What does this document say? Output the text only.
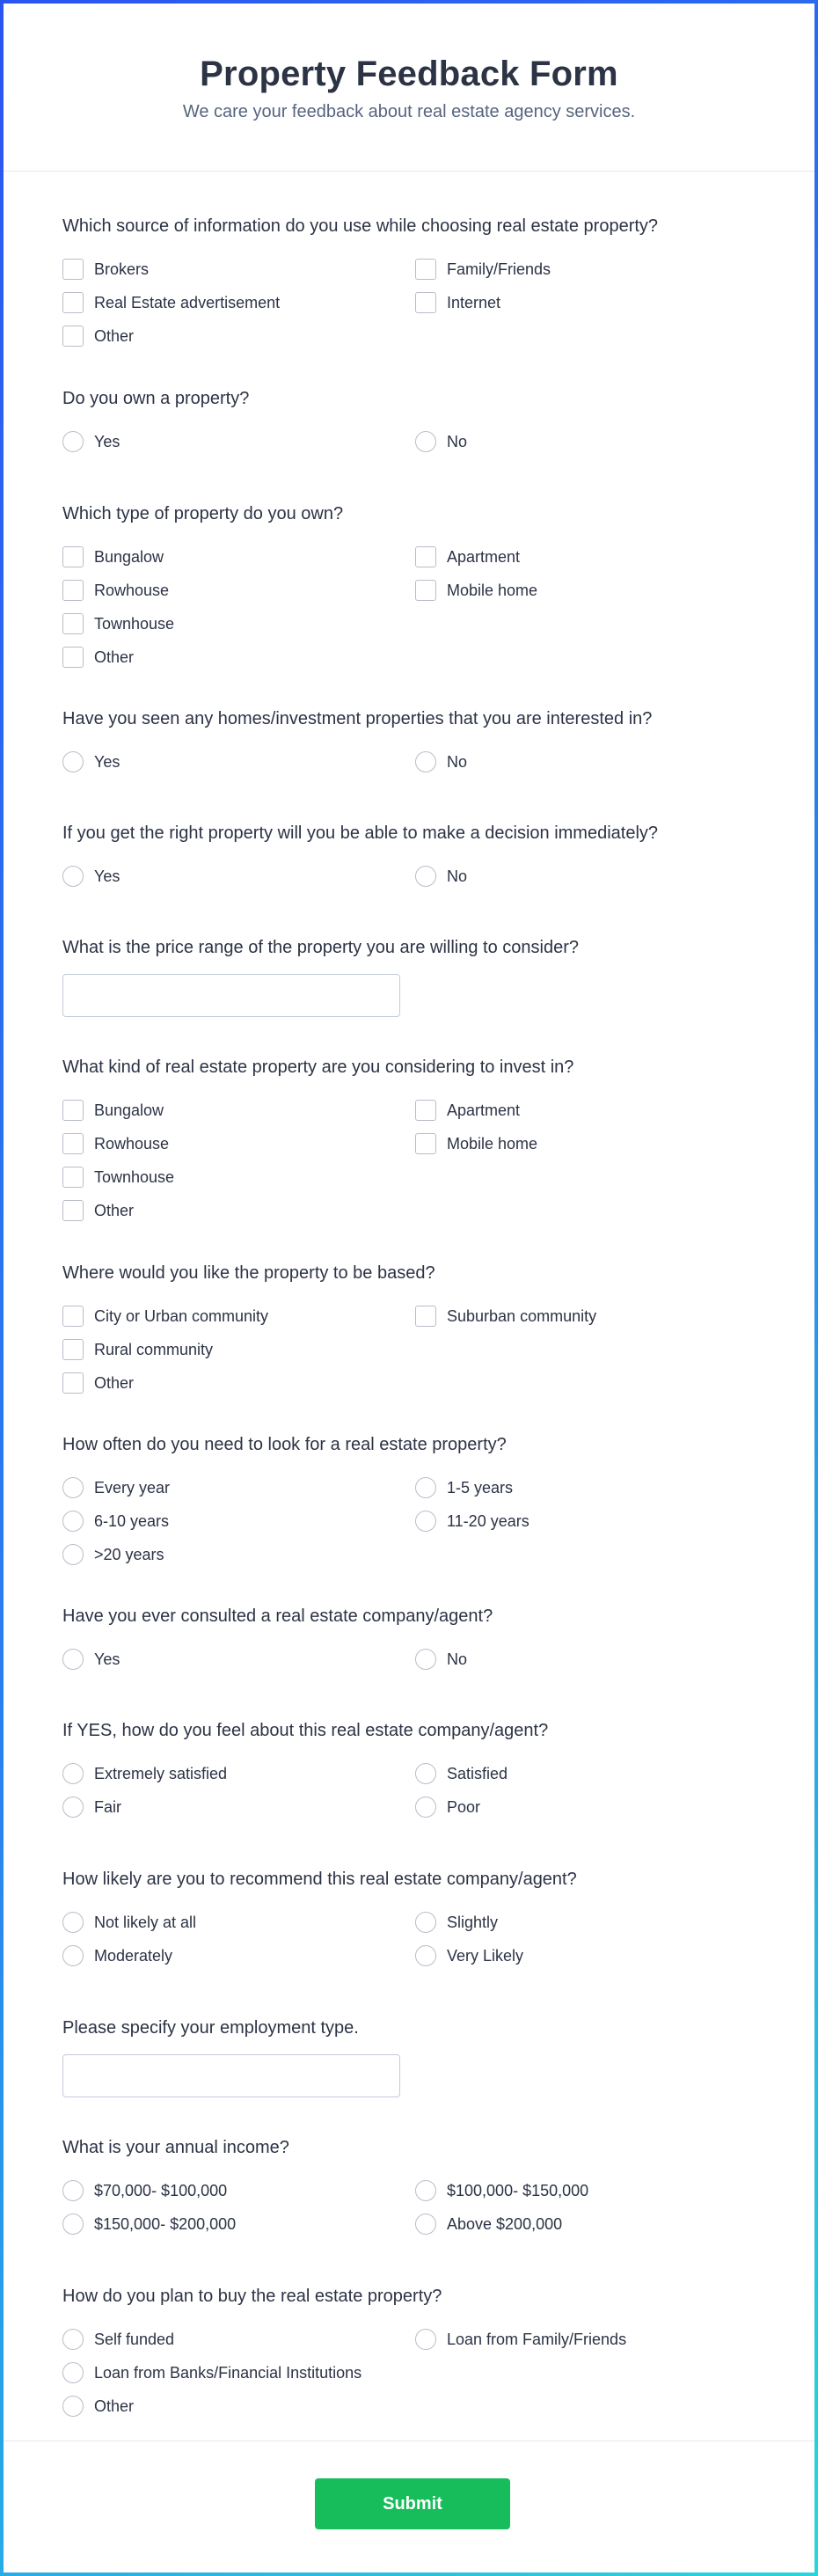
Property Feedback Form

We care your feedback about real estate agency services.

Which source of information do you use while choosing real estate property?
Brokers	Family/Friends
Real Estate advertisement	Internet
Other
Do you own a property?
Yes	No
Which type of property do you own?
Bungalow	Apartment
Rowhouse	Mobile home
Townhouse
Other
Have you seen any homes/investment properties that you are interested in?
Yes	No
If you get the right property will you be able to make a decision immediately?
Yes	No
What is the price range of the property you are willing to consider?
What kind of real estate property are you considering to invest in?
Bungalow	Apartment
Rowhouse	Mobile home
Townhouse
Other
Where would you like the property to be based?
City or Urban community	Suburban community
Rural community
Other
How often do you need to look for a real estate property?
Every year	1-5 years
6-10 years	11-20 years
>20 years
Have you ever consulted a real estate company/agent?
Yes	No
If YES, how do you feel about this real estate company/agent?
Extremely satisfied	Satisfied
Fair	Poor
How likely are you to recommend this real estate company/agent?
Not likely at all	Slightly
Moderately	Very Likely
Please specify your employment type.
What is your annual income?
$70,000- $100,000	$100,000- $150,000
$150,000- $200,000	Above $200,000
How do you plan to buy the real estate property?
Self funded	Loan from Family/Friends
Loan from Banks/Financial Institutions
Other
Submit
